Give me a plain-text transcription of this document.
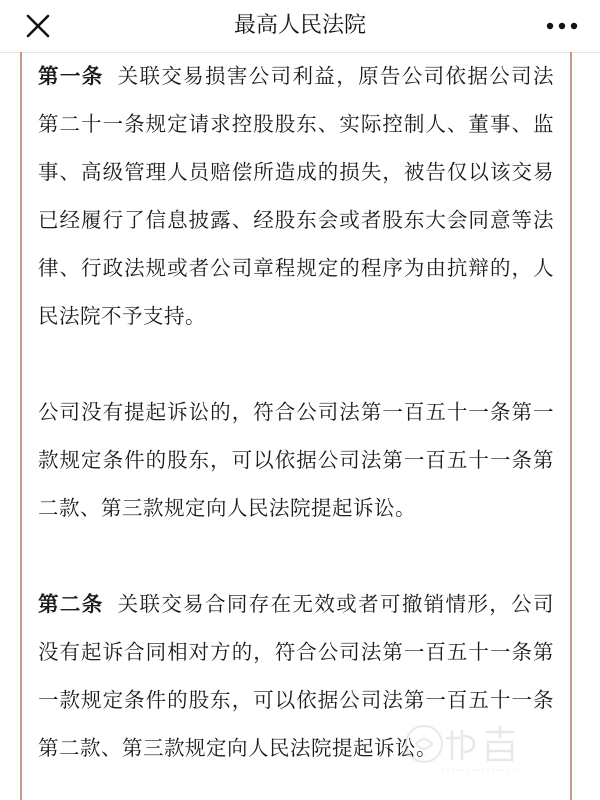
最高人民法院

第一条 关联交易损害公司利益，原告公司依据公司法第二十一条规定请求控股股东、实际控制人、董事、监事、高级管理人员赔偿所造成的损失，被告仅以该交易已经履行了信息披露、经股东会或者股东大会同意等法律、行政法规或者公司章程规定的程序为由抗辩的，人民法院不予支持。

公司没有提起诉讼的，符合公司法第一百五十一条第一款规定条件的股东，可以依据公司法第一百五十一条第二款、第三款规定向人民法院提起诉讼。

第二条 关联交易合同存在无效或者可撤销情形，公司没有起诉合同相对方的，符合公司法第一百五十一条第一款规定条件的股东，可以依据公司法第一百五十一条第二款、第三款规定向人民法院提起诉讼。
